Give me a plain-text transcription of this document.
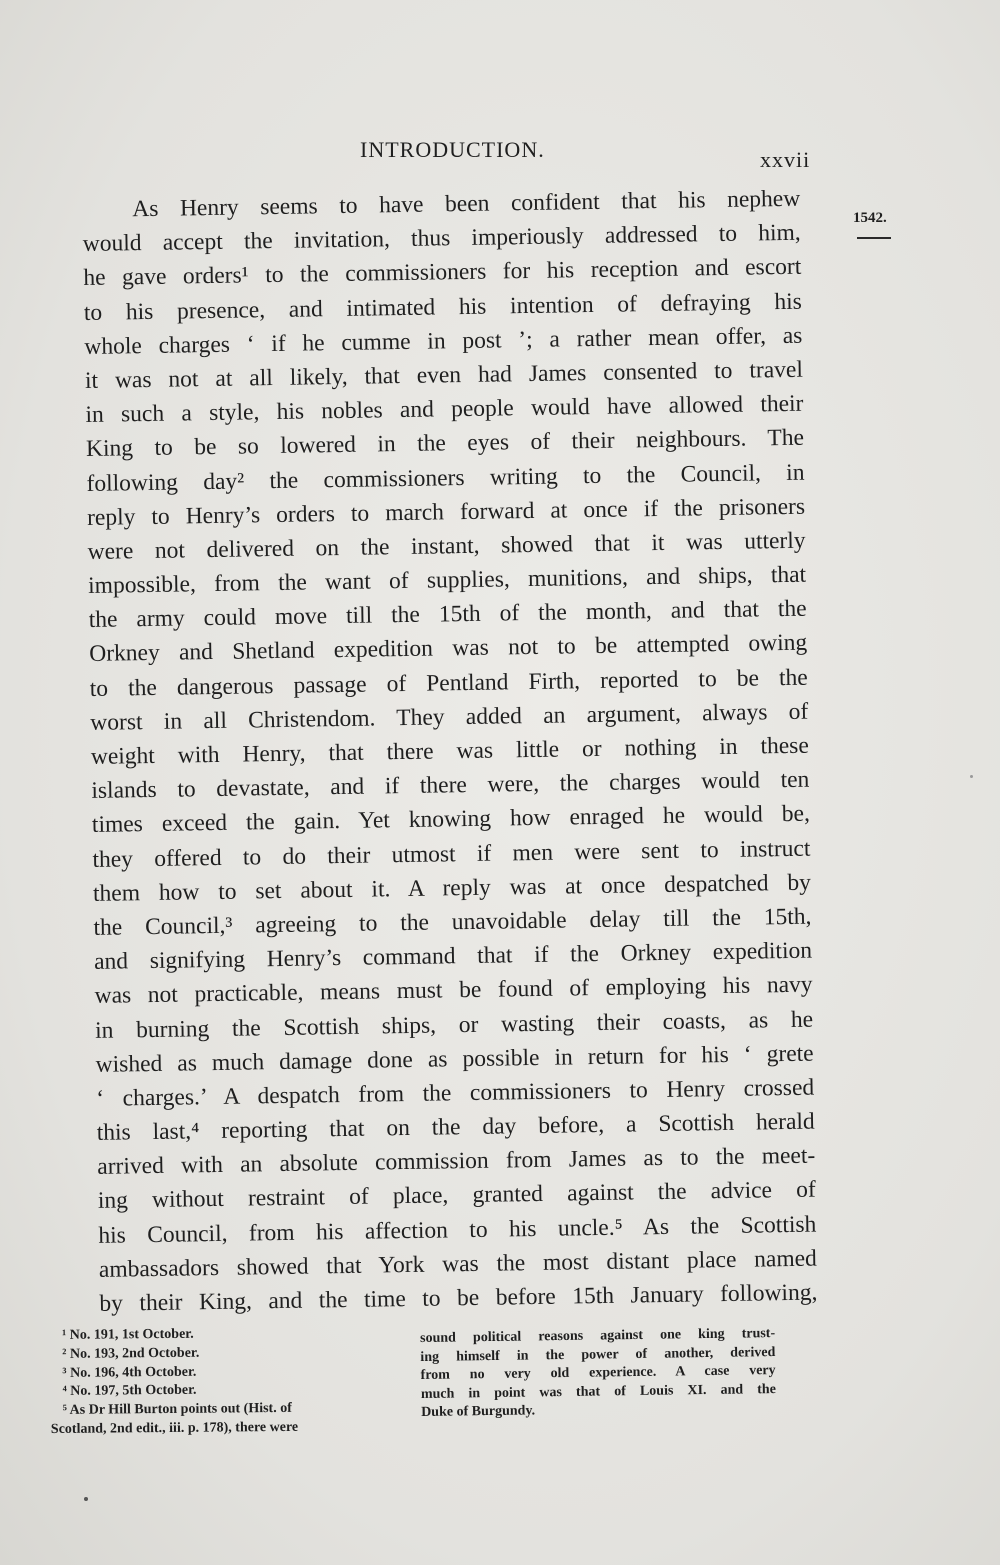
INTRODUCTION.	xxvii
1542.
As Henry seems to have been confident that his nephew
would accept the invitation, thus imperiously addressed to him,
he gave orders¹ to the commissioners for his reception and escort
to his presence, and intimated his intention of defraying his
whole charges ‘ if he cumme in post ’; a rather mean offer, as
it was not at all likely, that even had James consented to travel
in such a style, his nobles and people would have allowed their
King to be so lowered in the eyes of their neighbours. The
following day² the commissioners writing to the Council, in
reply to Henry’s orders to march forward at once if the prisoners
were not delivered on the instant, showed that it was utterly
impossible, from the want of supplies, munitions, and ships, that
the army could move till the 15th of the month, and that the
Orkney and Shetland expedition was not to be attempted owing
to the dangerous passage of Pentland Firth, reported to be the
worst in all Christendom. They added an argument, always of
weight with Henry, that there was little or nothing in these
islands to devastate, and if there were, the charges would ten
times exceed the gain. Yet knowing how enraged he would be,
they offered to do their utmost if men were sent to instruct
them how to set about it. A reply was at once despatched by
the Council,³ agreeing to the unavoidable delay till the 15th,
and signifying Henry’s command that if the Orkney expedition
was not practicable, means must be found of employing his navy
in burning the Scottish ships, or wasting their coasts, as he
wished as much damage done as possible in return for his ‘ grete
‘ charges.’ A despatch from the commissioners to Henry crossed
this last,⁴ reporting that on the day before, a Scottish herald
arrived with an absolute commission from James as to the meet-
ing without restraint of place, granted against the advice of
his Council, from his affection to his uncle.⁵ As the Scottish
ambassadors showed that York was the most distant place named
by their King, and the time to be before 15th January following,
¹ No. 191, 1st October.
² No. 193, 2nd October.
³ No. 196, 4th October.
⁴ No. 197, 5th October.
⁵ As Dr Hill Burton points out (Hist. of
Scotland, 2nd edit., iii. p. 178), there were
sound political reasons against one king trust-
ing himself in the power of another, derived
from no very old experience. A case very
much in point was that of Louis XI. and the
Duke of Burgundy.
